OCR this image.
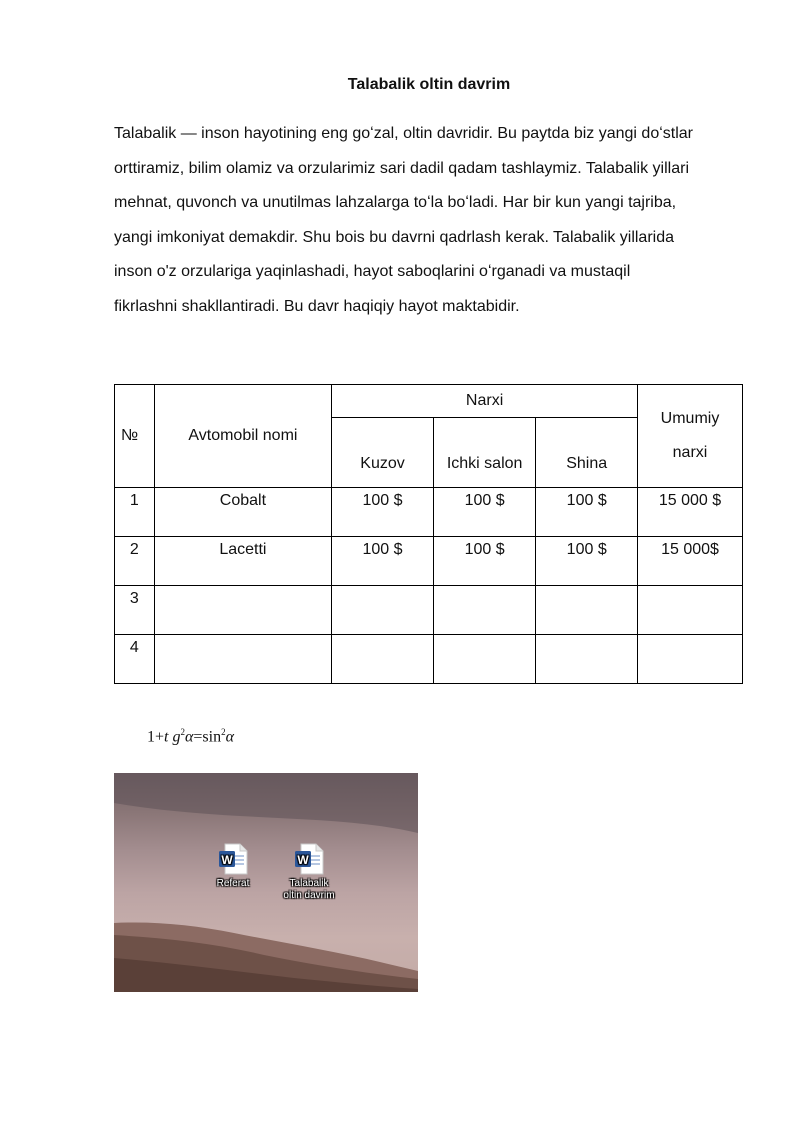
Talabalik oltin davrim
Talabalik — inson hayotining eng goʻzal, oltin davridir. Bu paytda biz yangi doʻstlar
orttiramiz, bilim olamiz va orzularimiz sari dadil qadam tashlaymiz. Talabalik yillari
mehnat, quvonch va unutilmas lahzalarga toʻla boʻladi. Har bir kun yangi tajriba,
yangi imkoniyat demakdir. Shu bois bu davrni qadrlash kerak. Talabalik yillarida
inson o'z orzulariga yaqinlashadi, hayot saboqlarini oʻrganadi va mustaqil
fikrlashni shakllantiradi. Bu davr haqiqiy hayot maktabidir.
№	Avtomobil nomi	Narxi			Umumiy
narxi

		Kuzov	Ichki salon	Shina	
1	Cobalt	100 $	100 $	100 $	15 000 $
2	Lacetti	100 $	100 $	100 $	15 000$
3					
4					
1+t $g^2\alpha=\sin^2\alpha$
W
Referat
W
Talabalik
oltin davrim
